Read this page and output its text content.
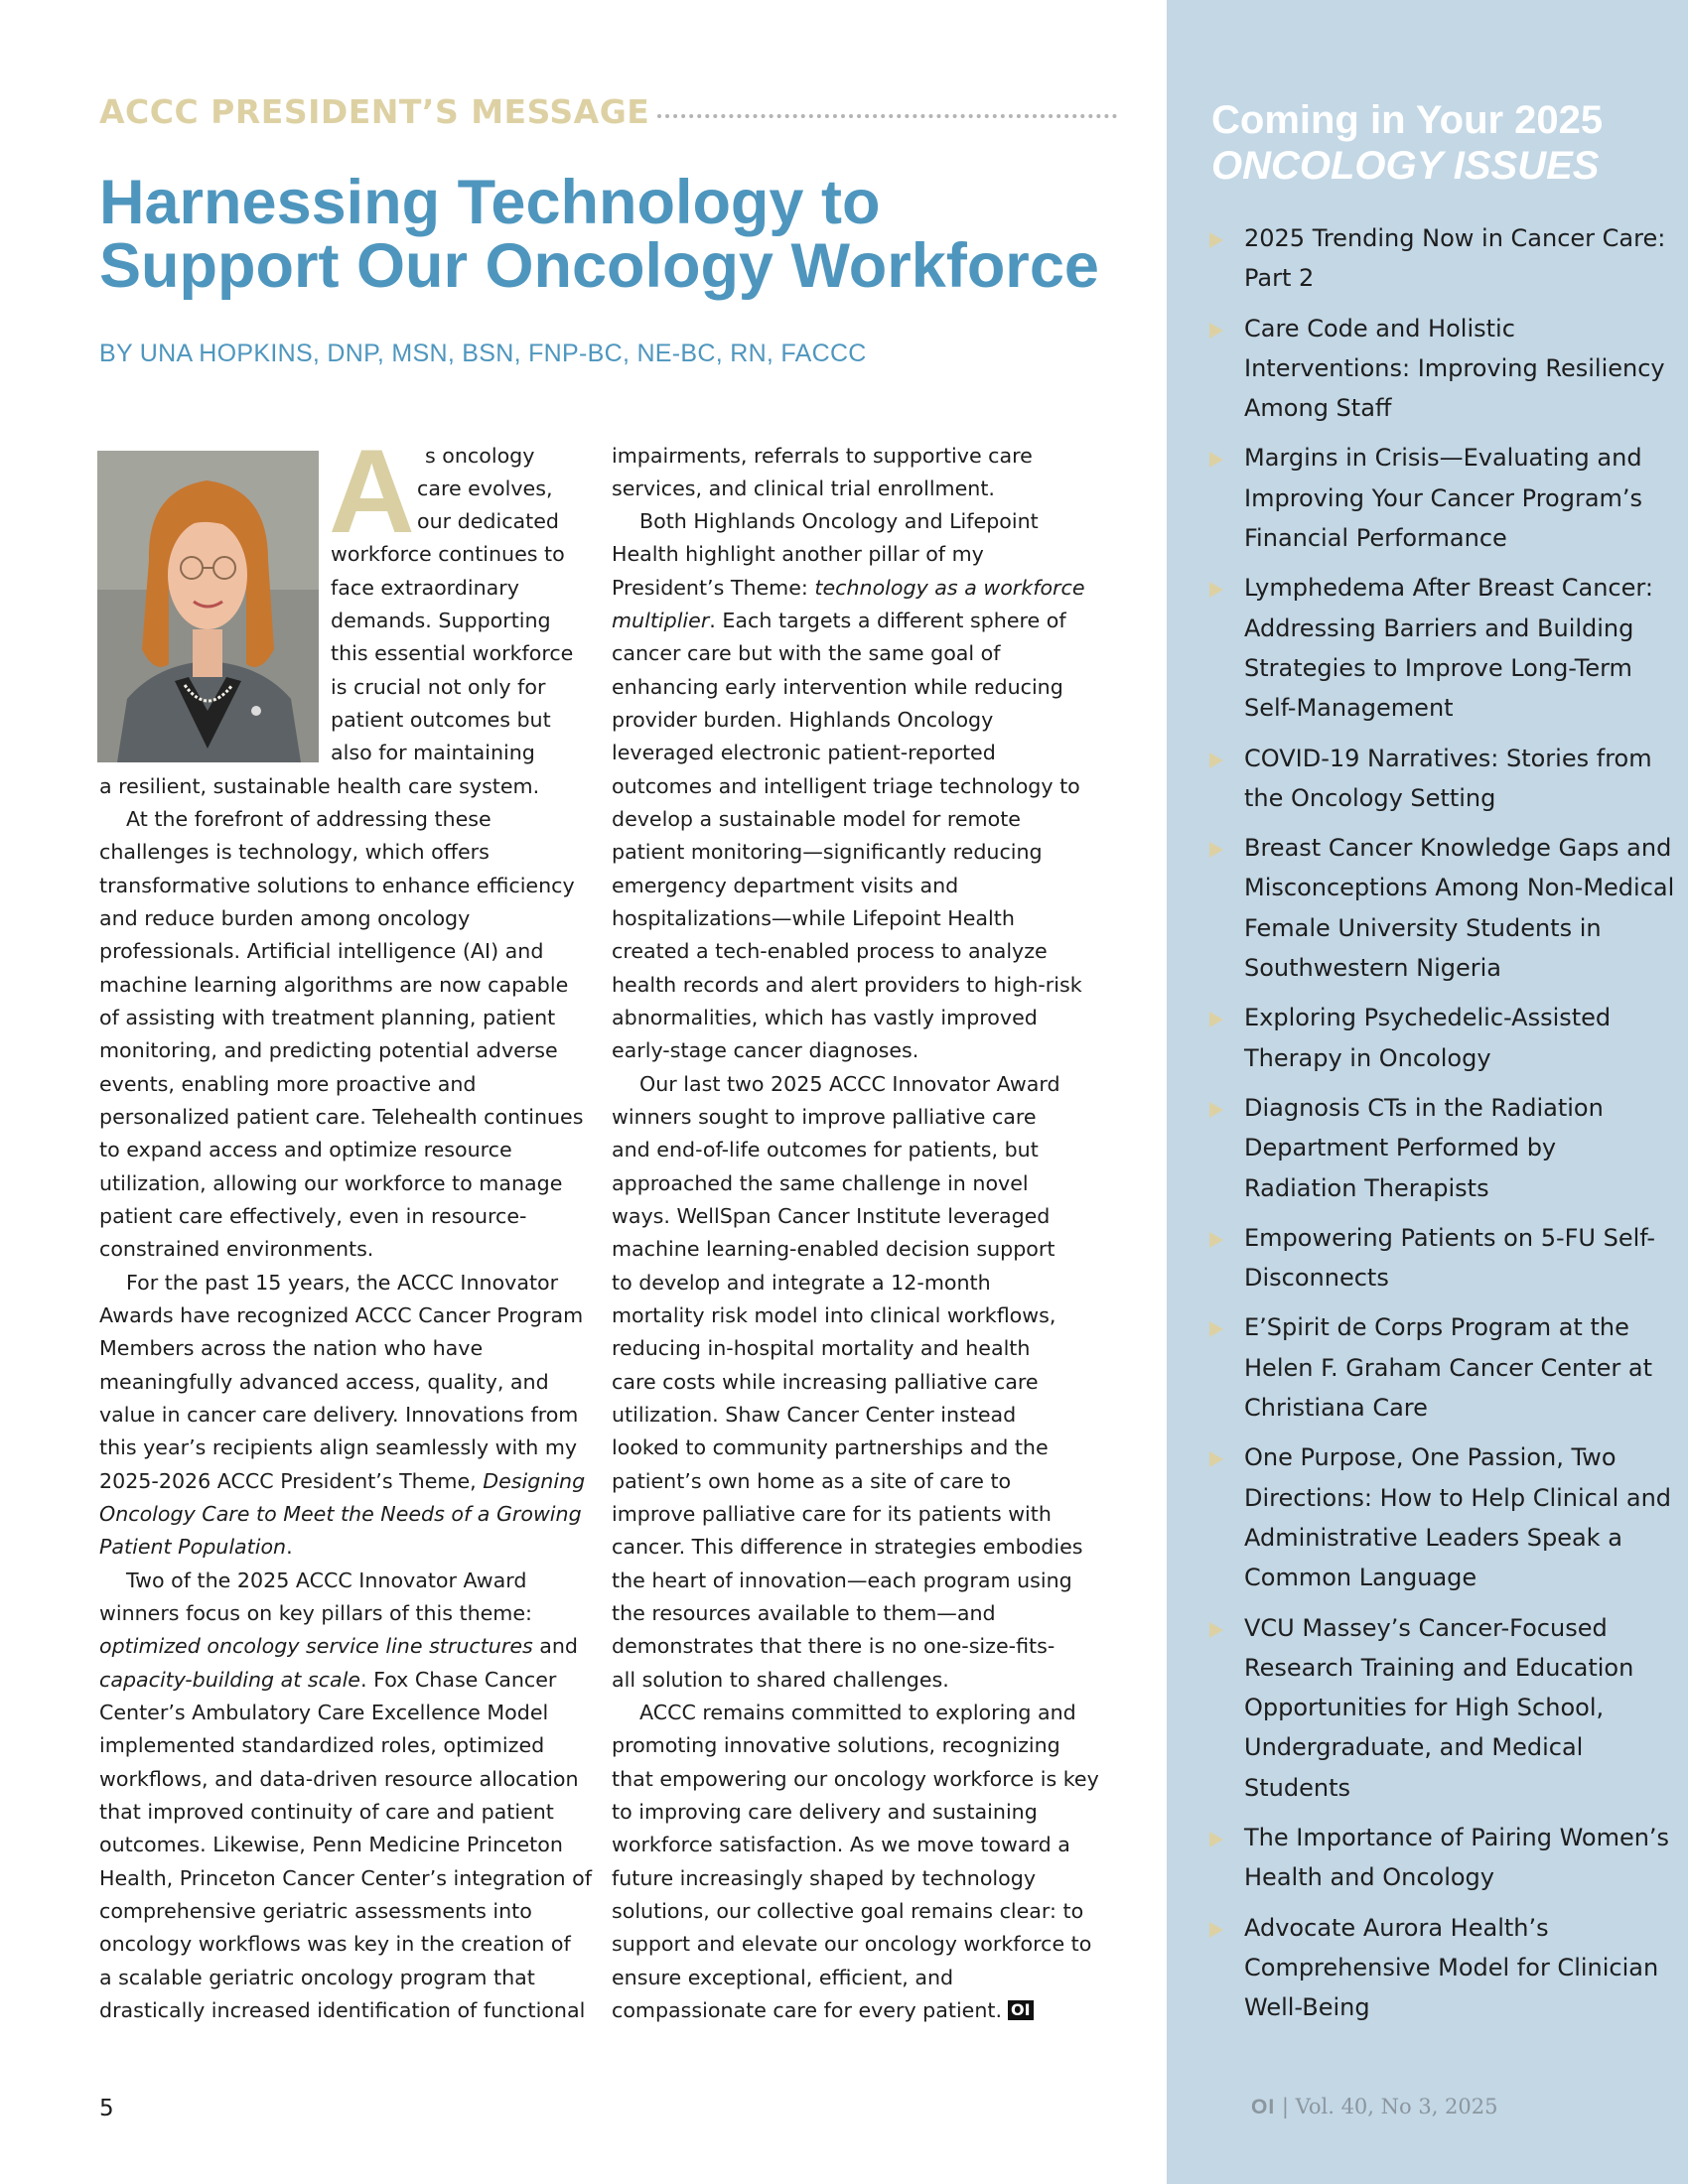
ACCC PRESIDENT’S MESSAGE
Harnessing Technology to
Support Our Oncology Workforce
BY UNA HOPKINS, DNP, MSN, BSN, FNP-BC, NE-BC, RN, FACCC
A s oncology
care evolves,
our dedicated
workforce continues to
face extraordinary
demands. Supporting
this essential workforce
is crucial not only for
patient outcomes but
also for maintaining
a resilient, sustainable health care system.
At the forefront of addressing these
challenges is technology, which offers
transformative solutions to enhance efficiency
and reduce burden among oncology
professionals. Artificial intelligence (AI) and
machine learning algorithms are now capable
of assisting with treatment planning, patient
monitoring, and predicting potential adverse
events, enabling more proactive and
personalized patient care. Telehealth continues
to expand access and optimize resource
utilization, allowing our workforce to manage
patient care effectively, even in resource-
constrained environments.
For the past 15 years, the ACCC Innovator
Awards have recognized ACCC Cancer Program
Members across the nation who have
meaningfully advanced access, quality, and
value in cancer care delivery. Innovations from
this year’s recipients align seamlessly with my
2025-2026 ACCC President’s Theme, Designing
Oncology Care to Meet the Needs of a Growing
Patient Population.
Two of the 2025 ACCC Innovator Award
winners focus on key pillars of this theme:
optimized oncology service line structures and
capacity-building at scale. Fox Chase Cancer
Center’s Ambulatory Care Excellence Model
implemented standardized roles, optimized
workflows, and data-driven resource allocation
that improved continuity of care and patient
outcomes. Likewise, Penn Medicine Princeton
Health, Princeton Cancer Center’s integration of
comprehensive geriatric assessments into
oncology workflows was key in the creation of
a scalable geriatric oncology program that
drastically increased identification of functional
impairments, referrals to supportive care
services, and clinical trial enrollment.
Both Highlands Oncology and Lifepoint
Health highlight another pillar of my
President’s Theme: technology as a workforce
multiplier. Each targets a different sphere of
cancer care but with the same goal of
enhancing early intervention while reducing
provider burden. Highlands Oncology
leveraged electronic patient-reported
outcomes and intelligent triage technology to
develop a sustainable model for remote
patient monitoring—significantly reducing
emergency department visits and
hospitalizations—while Lifepoint Health
created a tech-enabled process to analyze
health records and alert providers to high-risk
abnormalities, which has vastly improved
early-stage cancer diagnoses.
Our last two 2025 ACCC Innovator Award
winners sought to improve palliative care
and end-of-life outcomes for patients, but
approached the same challenge in novel
ways. WellSpan Cancer Institute leveraged
machine learning-enabled decision support
to develop and integrate a 12-month
mortality risk model into clinical workflows,
reducing in-hospital mortality and health
care costs while increasing palliative care
utilization. Shaw Cancer Center instead
looked to community partnerships and the
patient’s own home as a site of care to
improve palliative care for its patients with
cancer. This difference in strategies embodies
the heart of innovation—each program using
the resources available to them—and
demonstrates that there is no one-size-fits-
all solution to shared challenges.
ACCC remains committed to exploring and
promoting innovative solutions, recognizing
that empowering our oncology workforce is key
to improving care delivery and sustaining
workforce satisfaction. As we move toward a
future increasingly shaped by technology
solutions, our collective goal remains clear: to
support and elevate our oncology workforce to
ensure exceptional, efficient, and
compassionate care for every patient. OI
5
Coming in Your 2025
ONCOLOGY ISSUES
2025 Trending Now in Cancer Care: Part 2
Care Code and Holistic Interventions: Improving Resiliency Among Staff
Margins in Crisis—Evaluating and Improving Your Cancer Program’s Financial Performance
Lymphedema After Breast Cancer: Addressing Barriers and Building Strategies to Improve Long-Term Self-Management
COVID-19 Narratives: Stories from the Oncology Setting
Breast Cancer Knowledge Gaps and Misconceptions Among Non-Medical Female University Students in Southwestern Nigeria
Exploring Psychedelic-Assisted Therapy in Oncology
Diagnosis CTs in the Radiation Department Performed by Radiation Therapists
Empowering Patients on 5-FU Self-Disconnects
E’Spirit de Corps Program at the Helen F. Graham Cancer Center at Christiana Care
One Purpose, One Passion, Two Directions: How to Help Clinical and Administrative Leaders Speak a Common Language
VCU Massey’s Cancer-Focused Research Training and Education Opportunities for High School, Undergraduate, and Medical Students
The Importance of Pairing Women’s Health and Oncology
Advocate Aurora Health’s Comprehensive Model for Clinician Well-Being
OI | Vol. 40, No 3, 2025
